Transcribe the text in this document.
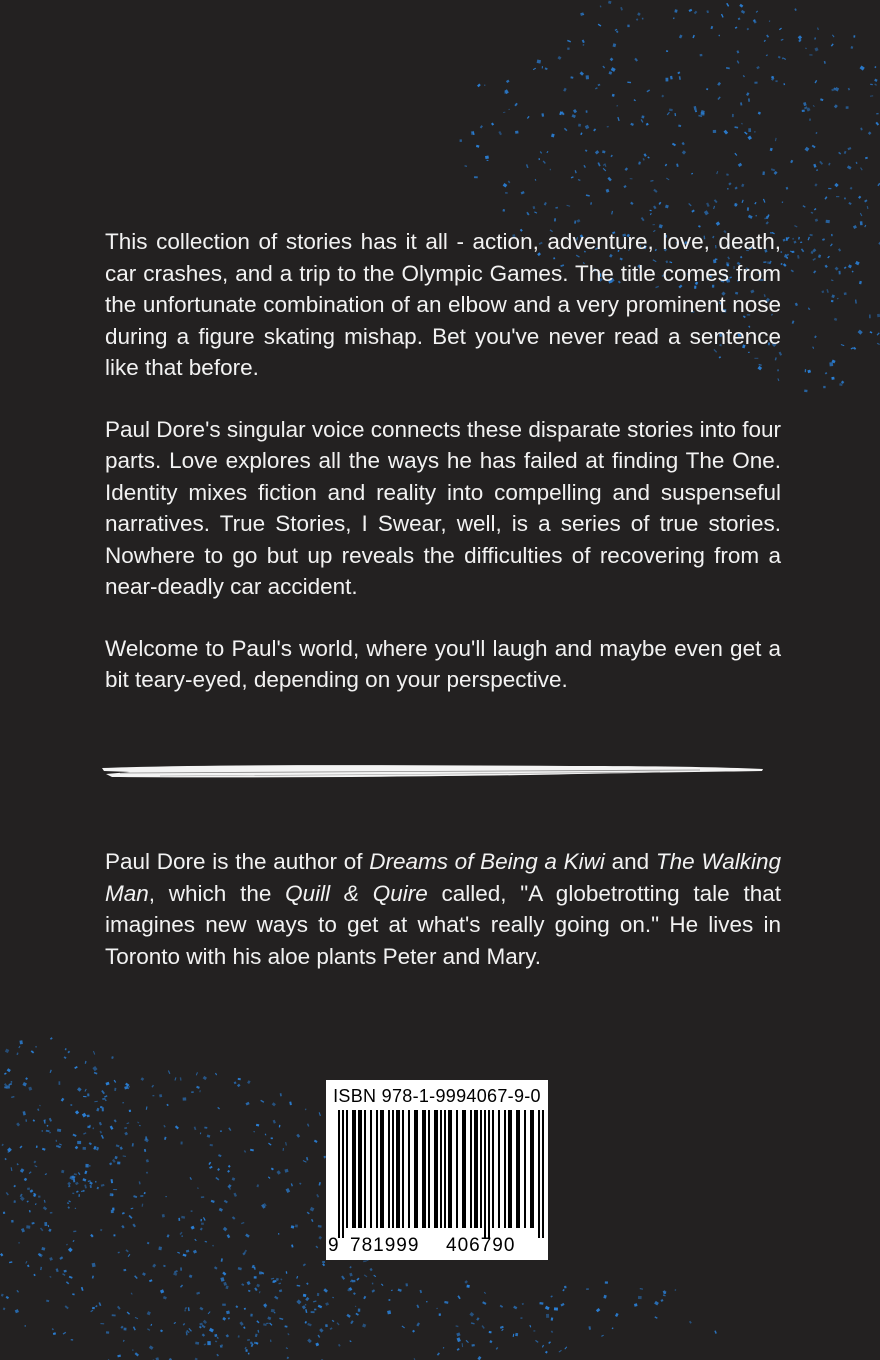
This collection of stories has it all - action, adventure, love, death, car crashes, and a trip to the Olympic Games. The title comes from the unfortunate combination of an elbow and a very prominent nose during a figure skating mishap. Bet you've never read a sentence like that before.

Paul Dore's singular voice connects these disparate stories into four parts. Love explores all the ways he has failed at finding The One. Identity mixes fiction and reality into compelling and suspenseful narratives. True Stories, I Swear, well, is a series of true stories. Nowhere to go but up reveals the difficulties of recovering from a near-deadly car accident.

Welcome to Paul's world, where you'll laugh and maybe even get a bit teary-eyed, depending on your perspective.

Paul Dore is the author of Dreams of Being a Kiwi and The Walking Man, which the Quill & Quire called, "A globetrotting tale that imagines new ways to get at what's really going on." He lives in Toronto with his aloe plants Peter and Mary.

ISBN 978-1-9994067-9-0
9 781999 406790
